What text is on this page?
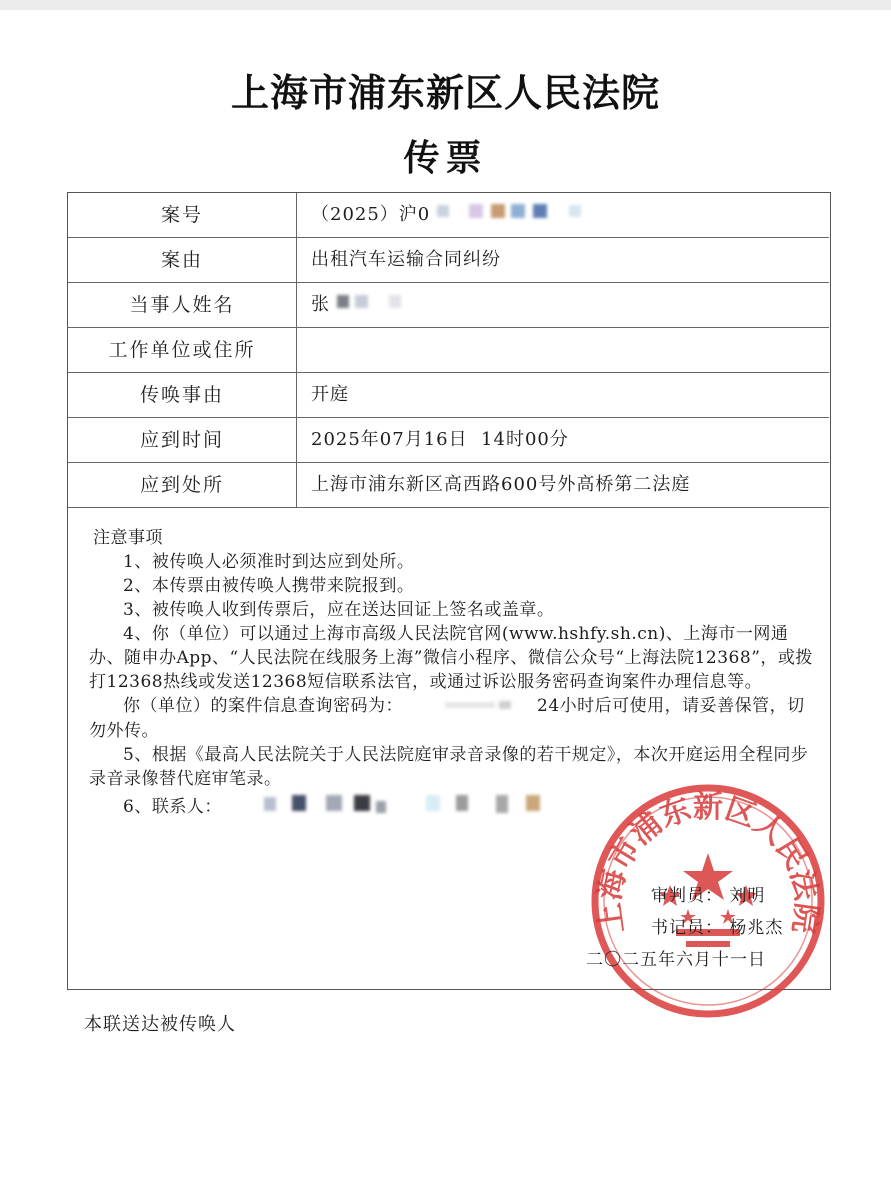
上海市浦东新区人民法院
传票
案号	（2025）沪0
案由	出租汽车运输合同纠纷
当事人姓名	张
工作单位或住所
传唤事由	开庭
应到时间	2025年07月16日  14时00分
应到处所	上海市浦东新区高西路600号外高桥第二法庭

注意事项

1、被传唤人必须准时到达应到处所。

2、本传票由被传唤人携带来院报到。

3、被传唤人收到传票后，应在送达回证上签名或盖章。

4、你（单位）可以通过上海市高级人民法院官网(www.hshfy.sh.cn)、上海市一网通办、随申办App、“人民法院在线服务上海”微信小程序、微信公众号“上海法院12368”，或拨打12368热线或发送12368短信联系法官，或通过诉讼服务密码查询案件办理信息等。

你（单位）的案件信息查询密码为：	24小时后可使用，请妥善保管，切勿外传。

5、根据《最高人民法院关于人民法院庭审录音录像的若干规定》，本次开庭运用全程同步录音录像替代庭审笔录。

6、联系人：

上海市浦东新区人民法院
审判员： 刘明
书记员： 杨兆杰
二〇二五年六月十一日
本联送达被传唤人
